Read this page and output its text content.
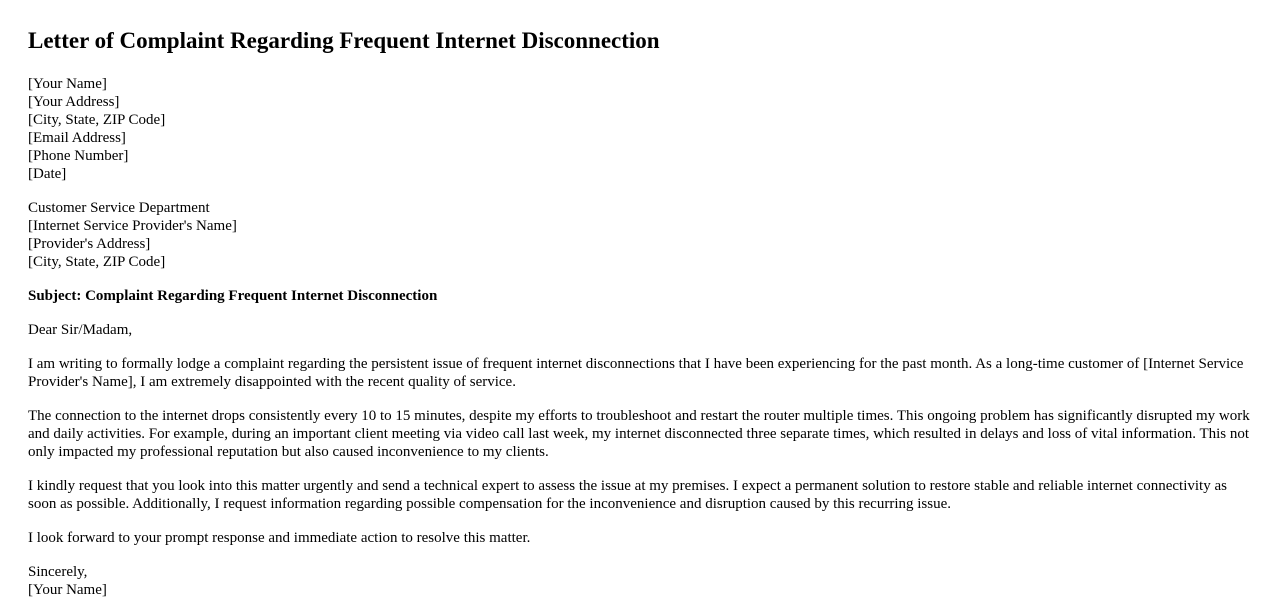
Letter of Complaint Regarding Frequent Internet Disconnection
[Your Name]
[Your Address]
[City, State, ZIP Code]
[Email Address]
[Phone Number]
[Date]
Customer Service Department
[Internet Service Provider's Name]
[Provider's Address]
[City, State, ZIP Code]
Subject: Complaint Regarding Frequent Internet Disconnection

Dear Sir/Madam,

I am writing to formally lodge a complaint regarding the persistent issue of frequent internet disconnections that I have been experiencing for the past month. As a long-time customer of [Internet Service Provider's Name], I am extremely disappointed with the recent quality of service.

The connection to the internet drops consistently every 10 to 15 minutes, despite my efforts to troubleshoot and restart the router multiple times. This ongoing problem has significantly disrupted my work and daily activities. For example, during an important client meeting via video call last week, my internet disconnected three separate times, which resulted in delays and loss of vital information. This not only impacted my professional reputation but also caused inconvenience to my clients.

I kindly request that you look into this matter urgently and send a technical expert to assess the issue at my premises. I expect a permanent solution to restore stable and reliable internet connectivity as soon as possible. Additionally, I request information regarding possible compensation for the inconvenience and disruption caused by this recurring issue.

I look forward to your prompt response and immediate action to resolve this matter.

Sincerely,
[Your Name]
